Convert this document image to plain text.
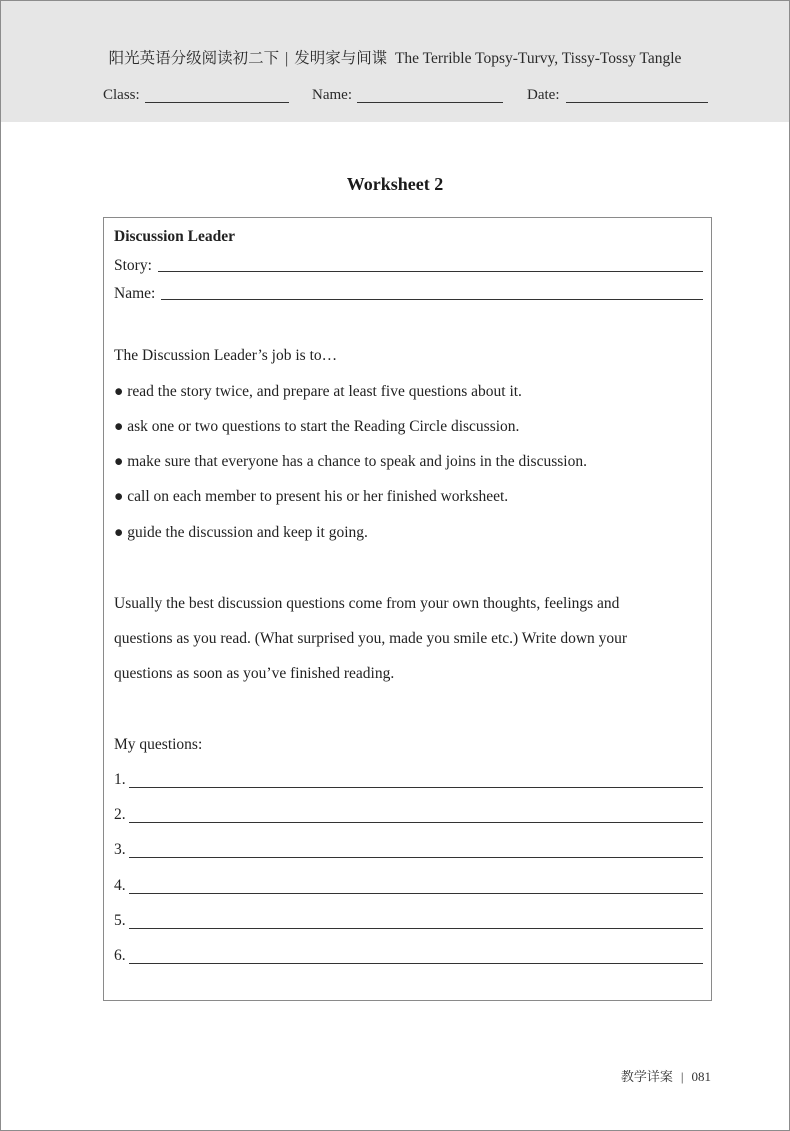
阳光英语分级阅读初二下 | 发明家与间谍 The Terrible Topsy-Turvy, Tissy-Tossy Tangle
Class:	Name:	Date:
Worksheet 2
Discussion Leader
Story:
Name:
The Discussion Leader’s job is to…
● read the story twice, and prepare at least five questions about it.
● ask one or two questions to start the Reading Circle discussion.
● make sure that everyone has a chance to speak and joins in the discussion.
● call on each member to present his or her finished worksheet.
● guide the discussion and keep it going.
Usually the best discussion questions come from your own thoughts, feelings and
questions as you read. (What surprised you, made you smile etc.) Write down your
questions as soon as you’ve finished reading.
My questions:
1.
2.
3.
4.
5.
6.
教学详案 | 081
